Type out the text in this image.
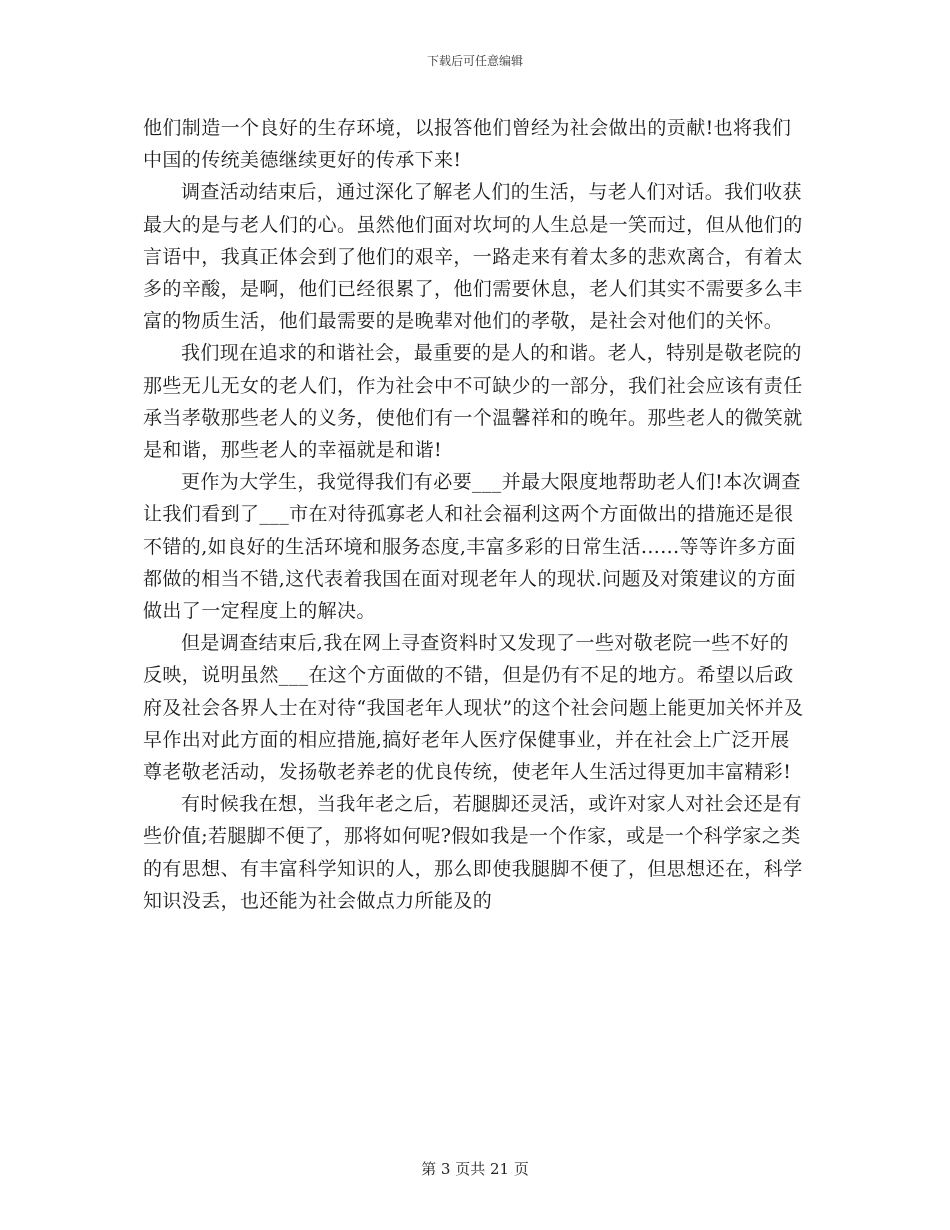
下载后可任意编辑

他们制造一个良好的生存环境，以报答他们曾经为社会做出的贡献!也将我们中国的传统美德继续更好的传承下来!

调查活动结束后，通过深化了解老人们的生活，与老人们对话。我们收获最大的是与老人们的心。虽然他们面对坎坷的人生总是一笑而过，但从他们的言语中，我真正体会到了他们的艰辛，一路走来有着太多的悲欢离合，有着太多的辛酸，是啊，他们已经很累了，他们需要休息，老人们其实不需要多么丰富的物质生活，他们最需要的是晚辈对他们的孝敬，是社会对他们的关怀。

我们现在追求的和谐社会，最重要的是人的和谐。老人，特别是敬老院的那些无儿无女的老人们，作为社会中不可缺少的一部分，我们社会应该有责任承当孝敬那些老人的义务，使他们有一个温馨祥和的晚年。那些老人的微笑就是和谐，那些老人的幸福就是和谐!

更作为大学生，我觉得我们有必要___并最大限度地帮助老人们!本次调查让我们看到了___市在对待孤寡老人和社会福利这两个方面做出的措施还是很不错的,如良好的生活环境和服务态度,丰富多彩的日常生活......等等许多方面都做的相当不错,这代表着我国在面对现老年人的现状.问题及对策建议的方面做出了一定程度上的解决。

但是调查结束后,我在网上寻查资料时又发现了一些对敬老院一些不好的反映，说明虽然___在这个方面做的不错，但是仍有不足的地方。希望以后政府及社会各界人士在对待“我国老年人现状”的这个社会问题上能更加关怀并及早作出对此方面的相应措施,搞好老年人医疗保健事业，并在社会上广泛开展尊老敬老活动，发扬敬老养老的优良传统，使老年人生活过得更加丰富精彩!

有时候我在想，当我年老之后，若腿脚还灵活，或许对家人对社会还是有些价值;若腿脚不便了，那将如何呢?假如我是一个作家，或是一个科学家之类的有思想、有丰富科学知识的人，那么即使我腿脚不便了，但思想还在，科学知识没丢，也还能为社会做点力所能及的

第 3 页共 21 页
